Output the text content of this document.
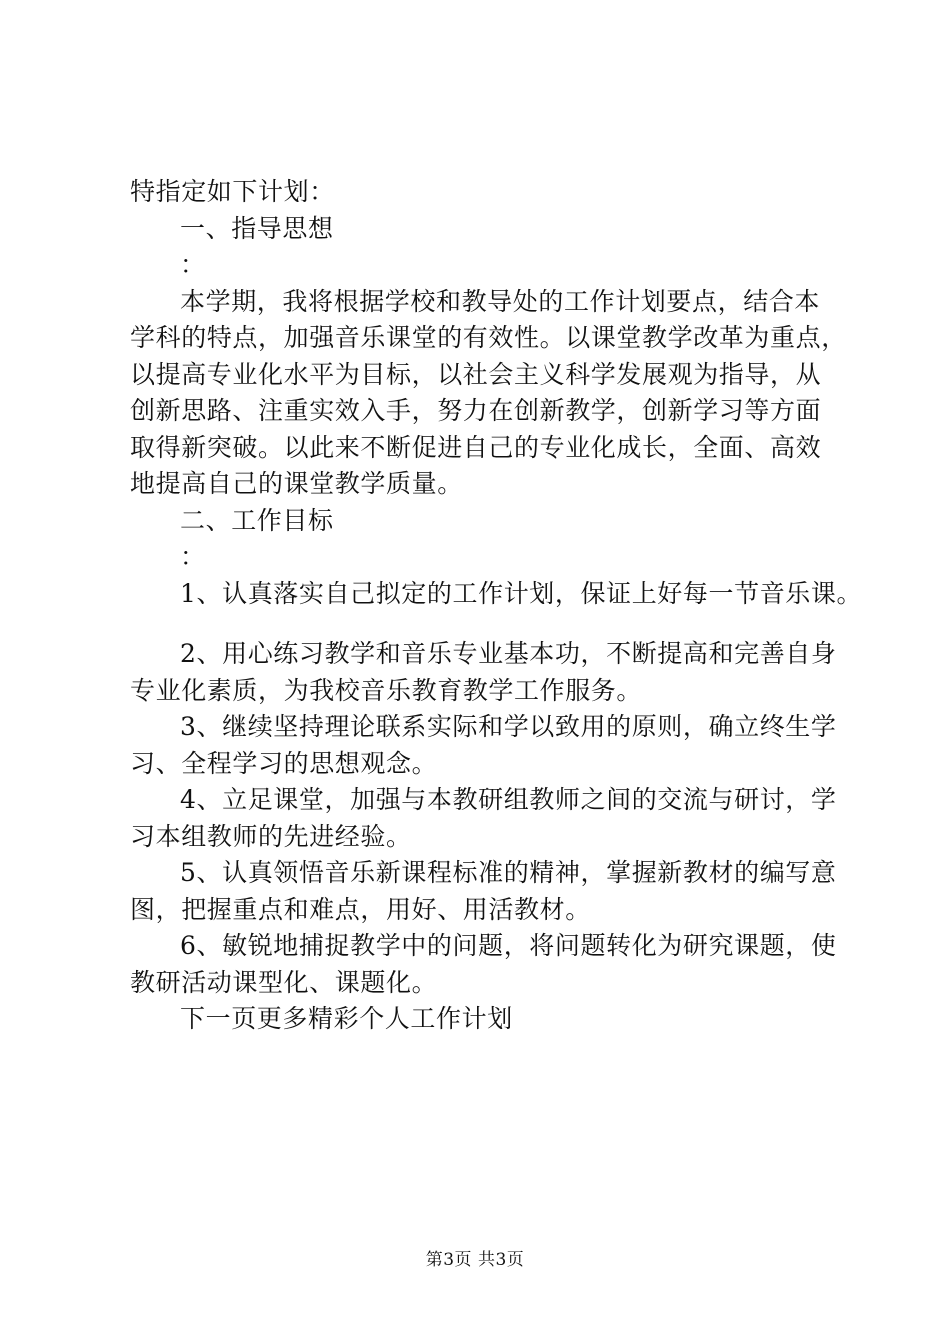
特指定如下计划：
一、指导思想
：
本学期，我将根据学校和教导处的工作计划要点，结合本
学科的特点，加强音乐课堂的有效性。以课堂教学改革为重点，
以提高专业化水平为目标，以社会主义科学发展观为指导，从
创新思路、注重实效入手，努力在创新教学，创新学习等方面
取得新突破。以此来不断促进自己的专业化成长，全面、高效
地提高自己的课堂教学质量。
二、工作目标
：
1、认真落实自己拟定的工作计划，保证上好每一节音乐课。
2、用心练习教学和音乐专业基本功，不断提高和完善自身
专业化素质，为我校音乐教育教学工作服务。
3、继续坚持理论联系实际和学以致用的原则，确立终生学
习、全程学习的思想观念。
4、立足课堂，加强与本教研组教师之间的交流与研讨，学
习本组教师的先进经验。
5、认真领悟音乐新课程标准的精神，掌握新教材的编写意
图，把握重点和难点，用好、用活教材。
6、敏锐地捕捉教学中的问题，将问题转化为研究课题，使
教研活动课型化、课题化。
下一页更多精彩个人工作计划
第3页 共3页
